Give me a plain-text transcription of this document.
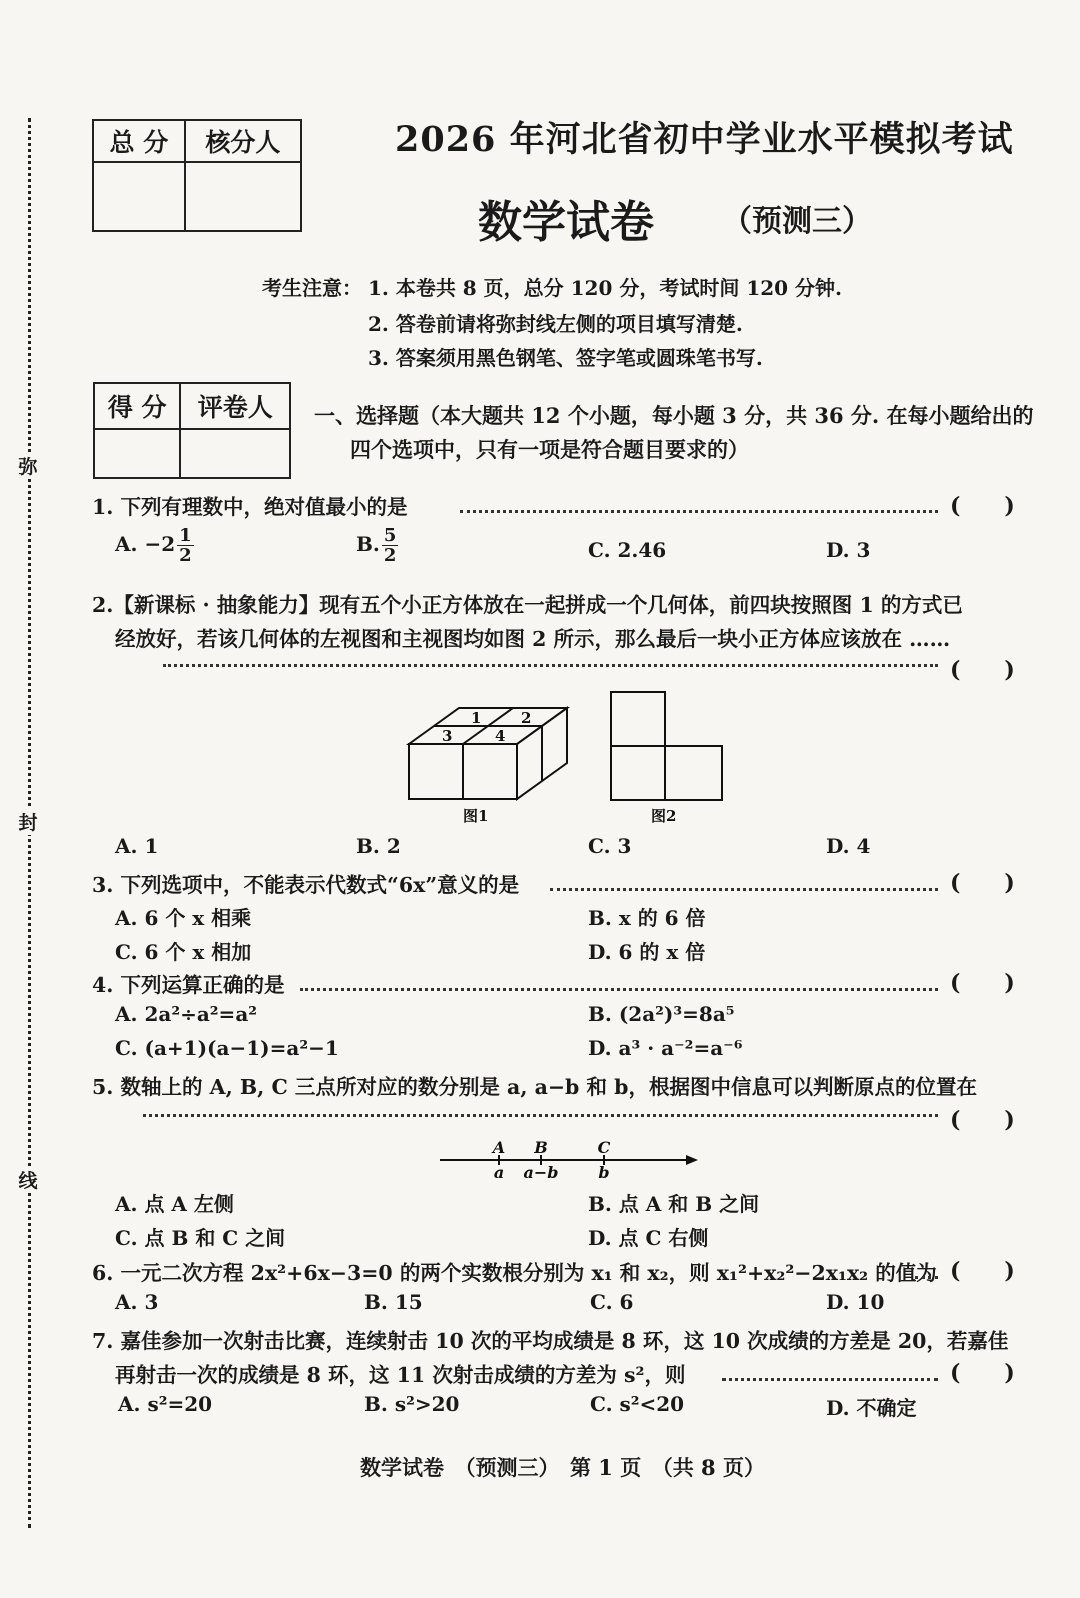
弥
封
线
总 分	核分人
		2026 年河北省初中学业水平模拟考试
数学试卷 （预测三）
考生注意： 1. 本卷共 8 页，总分 120 分，考试时间 120 分钟.
2. 答卷前请将弥封线左侧的项目填写清楚.
3. 答案须用黑色钢笔、签字笔或圆珠笔书写.
得 分	评卷人
	一、选择题（本大题共 12 个小题，每小题 3 分，共 36 分. 在每小题给出的
四个选项中，只有一项是符合题目要求的）
1. 下列有理数中，绝对值最小的是	(　　)
A. $-2 \frac{1}{2}$	B. $\frac{5}{2}$	C. 2.46	D. 3
2.【新课标 · 抽象能力】现有五个小正方体放在一起拼成一个几何体，前四块按照图 1 的方式已
经放好，若该几何体的左视图和主视图均如图 2 所示，那么最后一块小正方体应该放在 ……
(　　)
1	2
3	4
图1	图2
A. 1	B. 2	C. 3	D. 4
3. 下列选项中，不能表示代数式“6x”意义的是	(　　)
A. 6 个 x 相乘	B. x 的 6 倍
C. 6 个 x 相加	D. 6 的 x 倍
4. 下列运算正确的是	(　　)
A. 2a²÷a²=a²	B. (2a²)³=8a⁵
C. (a+1)(a−1)=a²−1	D. a³ · a⁻²=a⁻⁶
5. 数轴上的 A, B, C 三点所对应的数分别是 a, a−b 和 b，根据图中信息可以判断原点的位置在
(　　)
A B	C
a a−b b
A. 点 A 左侧	B. 点 A 和 B 之间
C. 点 B 和 C 之间	D. 点 C 右侧
6. 一元二次方程 2x²+6x−3=0 的两个实数根分别为 x₁ 和 x₂，则 x₁²+x₂²−2x₁x₂ 的值为 (　　)
A. 3	B. 15	C. 6	D. 10
7. 嘉佳参加一次射击比赛，连续射击 10 次的平均成绩是 8 环，这 10 次成绩的方差是 20，若嘉佳
再射击一次的成绩是 8 环，这 11 次射击成绩的方差为 s²，则	(　　)
A. s²=20	B. s²>20	C. s²<20	D. 不确定
数学试卷　（预测三）　第 1 页　（共 8 页）
